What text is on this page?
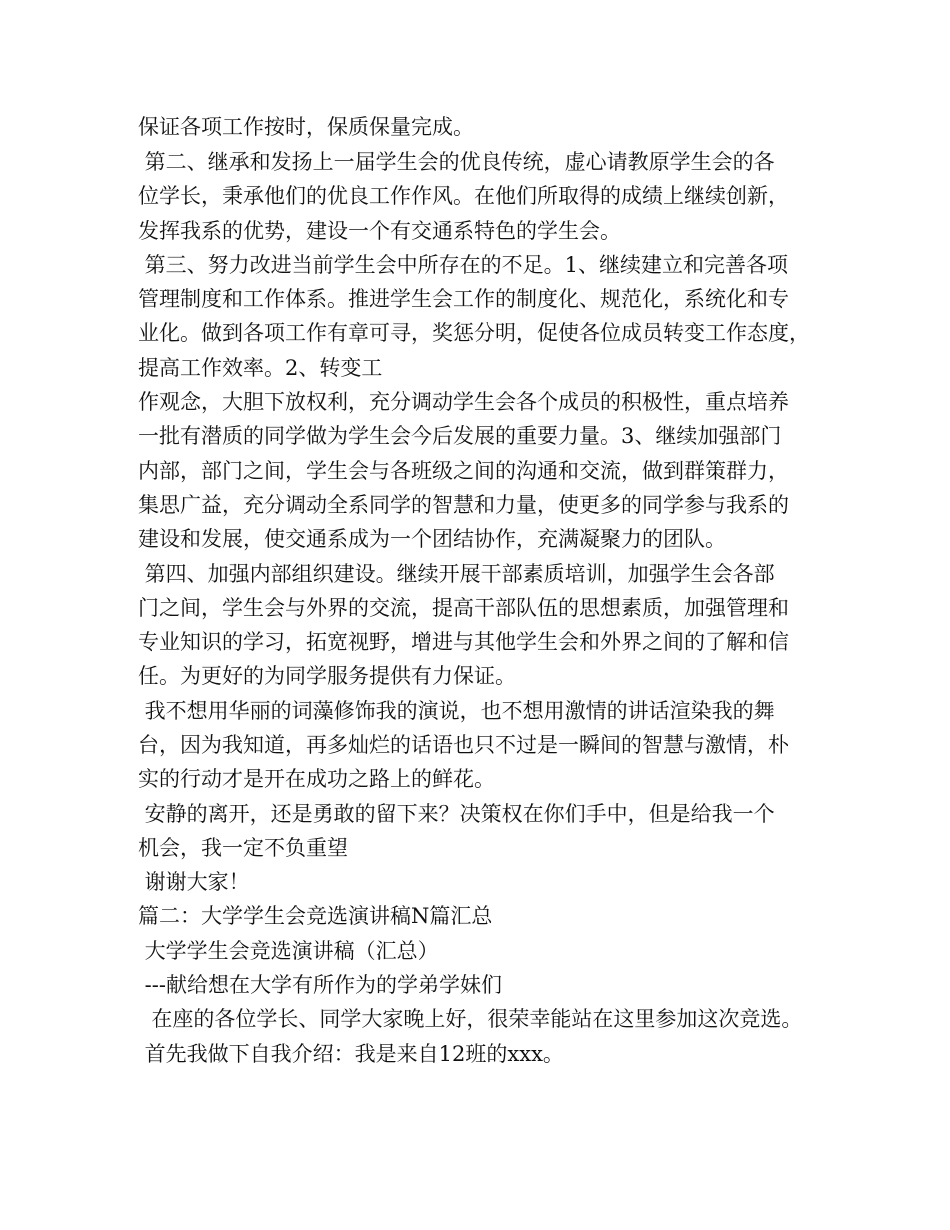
保证各项工作按时，保质保量完成。
第二、继承和发扬上一届学生会的优良传统，虚心请教原学生会的各
位学长，秉承他们的优良工作作风。在他们所取得的成绩上继续创新，
发挥我系的优势，建设一个有交通系特色的学生会。
第三、努力改进当前学生会中所存在的不足。1、继续建立和完善各项
管理制度和工作体系。推进学生会工作的制度化、规范化，系统化和专
业化。做到各项工作有章可寻，奖惩分明，促使各位成员转变工作态度，
提高工作效率。2、转变工
作观念，大胆下放权利，充分调动学生会各个成员的积极性，重点培养
一批有潜质的同学做为学生会今后发展的重要力量。3、继续加强部门
内部，部门之间，学生会与各班级之间的沟通和交流，做到群策群力，
集思广益，充分调动全系同学的智慧和力量，使更多的同学参与我系的
建设和发展，使交通系成为一个团结协作，充满凝聚力的团队。
第四、加强内部组织建设。继续开展干部素质培训，加强学生会各部
门之间，学生会与外界的交流，提高干部队伍的思想素质，加强管理和
专业知识的学习，拓宽视野，增进与其他学生会和外界之间的了解和信
任。为更好的为同学服务提供有力保证。
我不想用华丽的词藻修饰我的演说，也不想用激情的讲话渲染我的舞
台，因为我知道，再多灿烂的话语也只不过是一瞬间的智慧与激情，朴
实的行动才是开在成功之路上的鲜花。
安静的离开，还是勇敢的留下来？决策权在你们手中，但是给我一个
机会，我一定不负重望
谢谢大家！
篇二：大学学生会竞选演讲稿N篇汇总
大学学生会竞选演讲稿（汇总）
---献给想在大学有所作为的学弟学妹们
在座的各位学长、同学大家晚上好，很荣幸能站在这里参加这次竞选。
首先我做下自我介绍：我是来自12班的xxx。
